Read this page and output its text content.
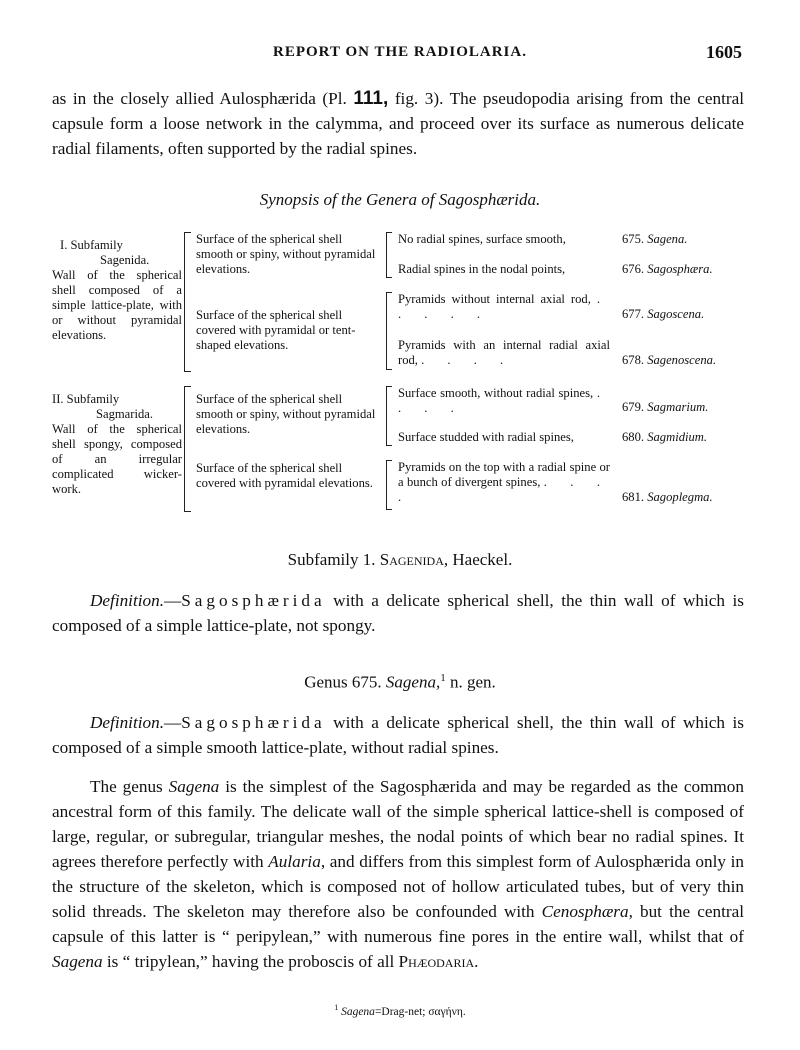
REPORT ON THE RADIOLARIA.	1605
as in the closely allied Aulosphærida (Pl. 111, fig. 3). The pseudopodia arising from the central capsule form a loose network in the calymma, and proceed over its surface as numerous delicate radial filaments, often supported by the radial spines.
Synopsis of the Genera of Sagosphærida.
I. Subfamily
Sagenida.
Wall of the spherical shell composed of a simple lattice-plate, with or without pyramidal elevations.
Surface of the spherical shell smooth or spiny, without pyramidal elevations.
Surface of the spherical shell covered with pyramidal or tent-shaped elevations.
No radial spines, surface smooth,
Radial spines in the nodal points,
Pyramids without internal axial rod, . . . . .
Pyramids with an internal radial axial rod, . . . .
675. Sagena.
676. Sagosphæra.
677. Sagoscena.
678. Sagenoscena.
II. Subfamily
Sagmarida.
Wall of the spherical shell spongy, composed of an irregular complicated wicker-work.
Surface of the spherical shell smooth or spiny, without pyramidal elevations.
Surface of the spherical shell covered with pyramidal elevations.
Surface smooth, without radial spines, . . . .
Surface studded with radial spines,
Pyramids on the top with a radial spine or a bunch of divergent spines, . . . .
679. Sagmarium.
680. Sagmidium.
681. Sagoplegma.
Subfamily 1. Sagenida, Haeckel.
Definition.—Sagosphærida with a delicate spherical shell, the thin wall of which is composed of a simple lattice-plate, not spongy.
Genus 675. Sagena,$^1$ n. gen.
Definition.—Sagosphærida with a delicate spherical shell, the thin wall of which is composed of a simple smooth lattice-plate, without radial spines.
The genus Sagena is the simplest of the Sagosphærida and may be regarded as the common ancestral form of this family. The delicate wall of the simple spherical lattice-shell is composed of large, regular, or subregular, triangular meshes, the nodal points of which bear no radial spines. It agrees therefore perfectly with Aularia, and differs from this simplest form of Aulosphærida only in the structure of the skeleton, which is composed not of hollow articulated tubes, but of very thin solid threads. The skeleton may therefore also be confounded with Cenosphæra, but the central capsule of this latter is “ peripylean,” with numerous fine pores in the entire wall, whilst that of Sagena is “ tripylean,” having the proboscis of all Phæodaria.
$^1$ Sagena=Drag-net; σαγήνη.
